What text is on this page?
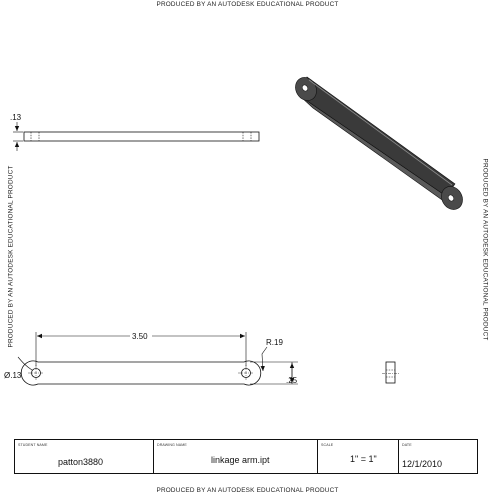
PRODUCED BY AN AUTODESK EDUCATIONAL PRODUCT
PRODUCED BY AN AUTODESK EDUCATIONAL PRODUCT
PRODUCED BY AN AUTODESK EDUCATIONAL PRODUCT	PRODUCED BY AN AUTODESK EDUCATIONAL PRODUCT
.13
3.50
R.19
.25
Ø.13
STUDENT NAME
patton3880
DRAWING NAME
linkage arm.ipt
SCALE
1" = 1"
DATE
12/1/2010
